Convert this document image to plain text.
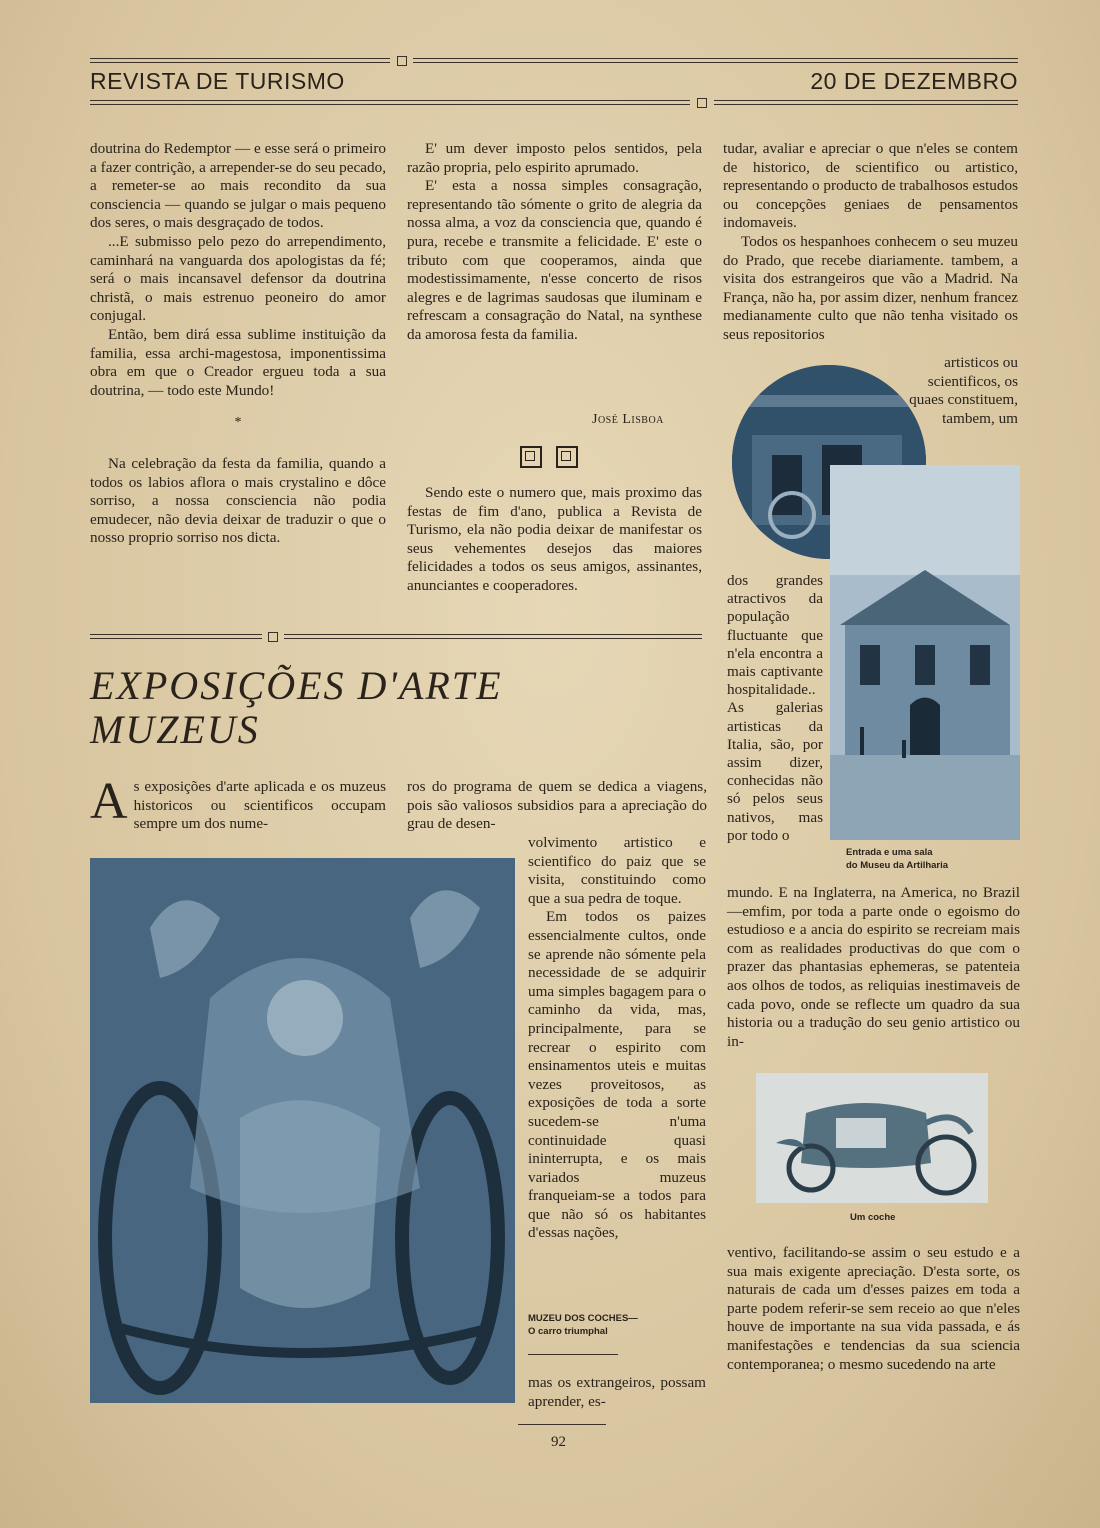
REVISTA DE TURISMO	20 DE DEZEMBRO

doutrina do Redemptor — e esse será o primeiro a fazer contrição, a arrepender-se do seu pecado, a remeter-se ao mais recondito da sua consciencia — quando se julgar o mais pequeno dos seres, o mais desgraçado de todos.

...E submisso pelo pezo do arrependimento, caminhará na vanguarda dos apologistas da fé; será o mais incansavel defensor da doutrina christã, o mais estrenuo peoneiro do amor conjugal.

Então, bem dirá essa sublime instituição da familia, essa archi-magestosa, imponentissima obra em que o Creador ergueu toda a sua doutrina, — todo este Mundo!

*

Na celebração da festa da familia, quando a todos os labios aflora o mais crystalino e dôce sorriso, a nossa consciencia não podia emudecer, não devia deixar de traduzir o que o nosso proprio sorriso nos dicta.

E' um dever imposto pelos sentidos, pela razão propria, pelo espirito aprumado.

E' esta a nossa simples consagração, representando tão sómente o grito de alegria da nossa alma, a voz da consciencia que, quando é pura, recebe e transmite a felicidade. E' este o tributo com que cooperamos, ainda que modestissimamente, n'esse concerto de risos alegres e de lagrimas saudosas que iluminam e refrescam a consagração do Natal, na synthese da amorosa festa da familia.

José Lisboa

Sendo este o numero que, mais proximo das festas de fim d'ano, publica a Revista de Turismo, ela não podia deixar de manifestar os seus vehementes desejos das maiores felicidades a todos os seus amigos, assinantes, anunciantes e cooperadores.

EXPOSIÇÕES D'ARTE
MUZEUS
A s exposições d'arte aplicada e os muzeus historicos ou scientificos occupam sempre um dos nume-

ros do programa de quem se dedica a viagens, pois são valiosos subsidios para a apreciação do grau de desen-

volvimento artistico e scientifico do paiz que se visita, constituindo como que a sua pedra de toque.

Em todos os paizes essencialmente cultos, onde se aprende não sómente pela necessidade de se adquirir uma simples bagagem para o caminho da vida, mas, principalmente, para se recrear o espirito com ensinamentos uteis e muitas vezes proveitosos, as exposições de toda a sorte sucedem-se n'uma continuidade quasi ininterrupta, e os mais variados muzeus franqueiam-se a todos para que não só os habitantes d'essas nações,

MUZEU DOS COCHES—
O carro triumphal

mas os extrangeiros, possam aprender, es-

tudar, avaliar e apreciar o que n'eles se contem de historico, de scientifico ou artistico, representando o producto de trabalhosos estudos ou concepções geniaes de pensamentos indomaveis.

Todos os hespanhoes conhecem o seu muzeu do Prado, que recebe diariamente. tambem, a visita dos estrangeiros que vão a Madrid. Na França, não ha, por assim dizer, nenhum francez medianamente culto que não tenha visitado os seus repositorios

artisticos ou scientificos, os quaes constituem, tambem, um

dos grandes atractivos da população fluctuante que n'ela encontra a mais captivante hospitalidade.. As galerias artisticas da Italia, são, por assim dizer, conhecidas não só pelos seus nativos, mas por todo o

Entrada e uma sala
do Museu da Artilharia

mundo. E na Inglaterra, na America, no Brazil—emfim, por toda a parte onde o egoismo do estudioso e a ancia do espirito se recreiam mais com as realidades productivas do que com o prazer das phantasias ephemeras, se patenteia aos olhos de todos, as reliquias inestimaveis de cada povo, onde se reflecte um quadro da sua historia ou a tradução do seu genio artistico ou in-

Um coche

ventivo, facilitando-se assim o seu estudo e a sua mais exigente apreciação. D'esta sorte, os naturais de cada um d'esses paizes em toda a parte podem referir-se sem receio ao que n'eles houve de importante na sua vida passada, e ás manifestações e tendencias da sua sciencia contemporanea; o mesmo sucedendo na arte

92
